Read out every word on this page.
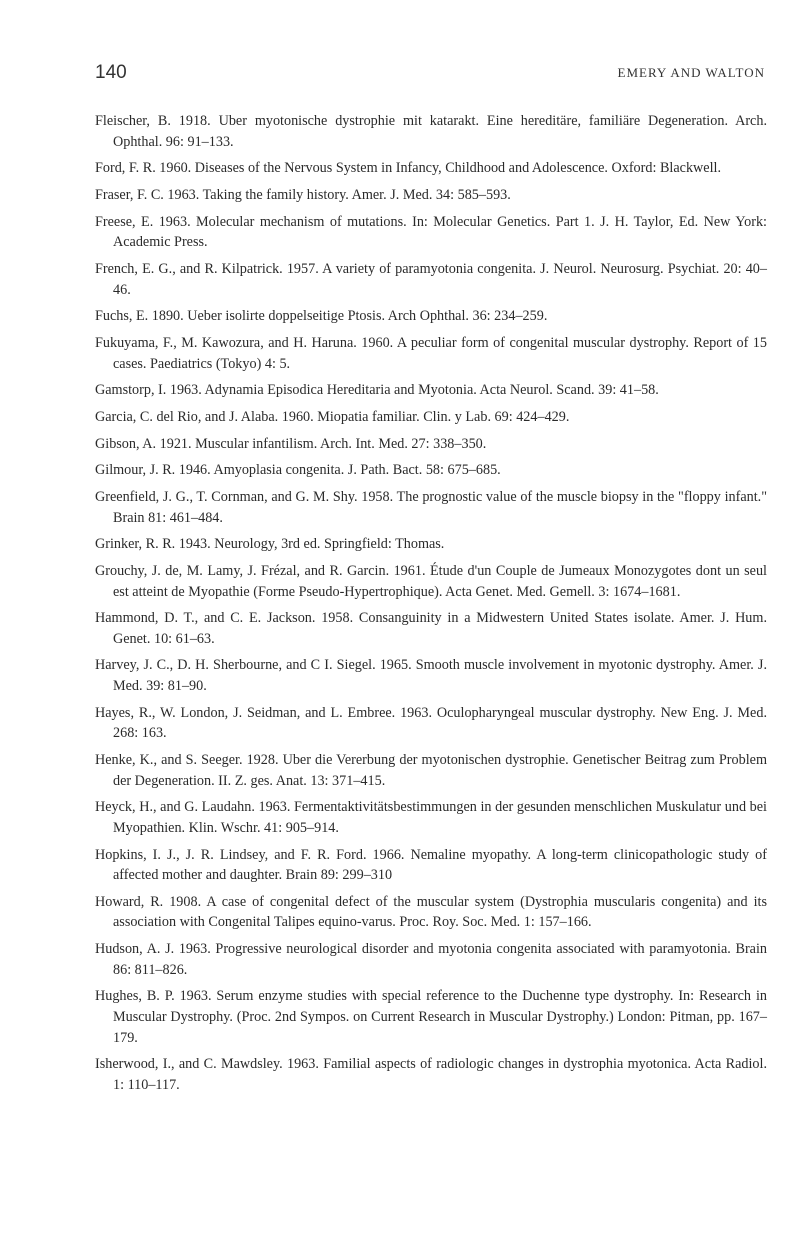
140	EMERY AND WALTON
Fleischer, B. 1918. Uber myotonische dystrophie mit katarakt. Eine hereditäre, familiäre Degeneration. Arch. Ophthal. 96: 91–133.
Ford, F. R. 1960. Diseases of the Nervous System in Infancy, Childhood and Adolescence. Oxford: Blackwell.
Fraser, F. C. 1963. Taking the family history. Amer. J. Med. 34: 585–593.
Freese, E. 1963. Molecular mechanism of mutations. In: Molecular Genetics. Part 1. J. H. Taylor, Ed. New York: Academic Press.
French, E. G., and R. Kilpatrick. 1957. A variety of paramyotonia congenita. J. Neurol. Neurosurg. Psychiat. 20: 40–46.
Fuchs, E. 1890. Ueber isolirte doppelseitige Ptosis. Arch Ophthal. 36: 234–259.
Fukuyama, F., M. Kawozura, and H. Haruna. 1960. A peculiar form of congenital muscular dystrophy. Report of 15 cases. Paediatrics (Tokyo) 4: 5.
Gamstorp, I. 1963. Adynamia Episodica Hereditaria and Myotonia. Acta Neurol. Scand. 39: 41–58.
Garcia, C. del Rio, and J. Alaba. 1960. Miopatia familiar. Clin. y Lab. 69: 424–429.
Gibson, A. 1921. Muscular infantilism. Arch. Int. Med. 27: 338–350.
Gilmour, J. R. 1946. Amyoplasia congenita. J. Path. Bact. 58: 675–685.
Greenfield, J. G., T. Cornman, and G. M. Shy. 1958. The prognostic value of the muscle biopsy in the "floppy infant." Brain 81: 461–484.
Grinker, R. R. 1943. Neurology, 3rd ed. Springfield: Thomas.
Grouchy, J. de, M. Lamy, J. Frézal, and R. Garcin. 1961. Étude d'un Couple de Jumeaux Monozygotes dont un seul est atteint de Myopathie (Forme Pseudo-Hypertrophique). Acta Genet. Med. Gemell. 3: 1674–1681.
Hammond, D. T., and C. E. Jackson. 1958. Consanguinity in a Midwestern United States isolate. Amer. J. Hum. Genet. 10: 61–63.
Harvey, J. C., D. H. Sherbourne, and C I. Siegel. 1965. Smooth muscle involvement in myotonic dystrophy. Amer. J. Med. 39: 81–90.
Hayes, R., W. London, J. Seidman, and L. Embree. 1963. Oculopharyngeal muscular dystrophy. New Eng. J. Med. 268: 163.
Henke, K., and S. Seeger. 1928. Uber die Vererbung der myotonischen dystrophie. Genetischer Beitrag zum Problem der Degeneration. II. Z. ges. Anat. 13: 371–415.
Heyck, H., and G. Laudahn. 1963. Fermentaktivitätsbestimmungen in der gesunden menschlichen Muskulatur und bei Myopathien. Klin. Wschr. 41: 905–914.
Hopkins, I. J., J. R. Lindsey, and F. R. Ford. 1966. Nemaline myopathy. A long-term clinicopathologic study of affected mother and daughter. Brain 89: 299–310
Howard, R. 1908. A case of congenital defect of the muscular system (Dystrophia muscularis congenita) and its association with Congenital Talipes equino-varus. Proc. Roy. Soc. Med. 1: 157–166.
Hudson, A. J. 1963. Progressive neurological disorder and myotonia congenita associated with paramyotonia. Brain 86: 811–826.
Hughes, B. P. 1963. Serum enzyme studies with special reference to the Duchenne type dystrophy. In: Research in Muscular Dystrophy. (Proc. 2nd Sympos. on Current Research in Muscular Dystrophy.) London: Pitman, pp. 167–179.
Isherwood, I., and C. Mawdsley. 1963. Familial aspects of radiologic changes in dystrophia myotonica. Acta Radiol. 1: 110–117.
